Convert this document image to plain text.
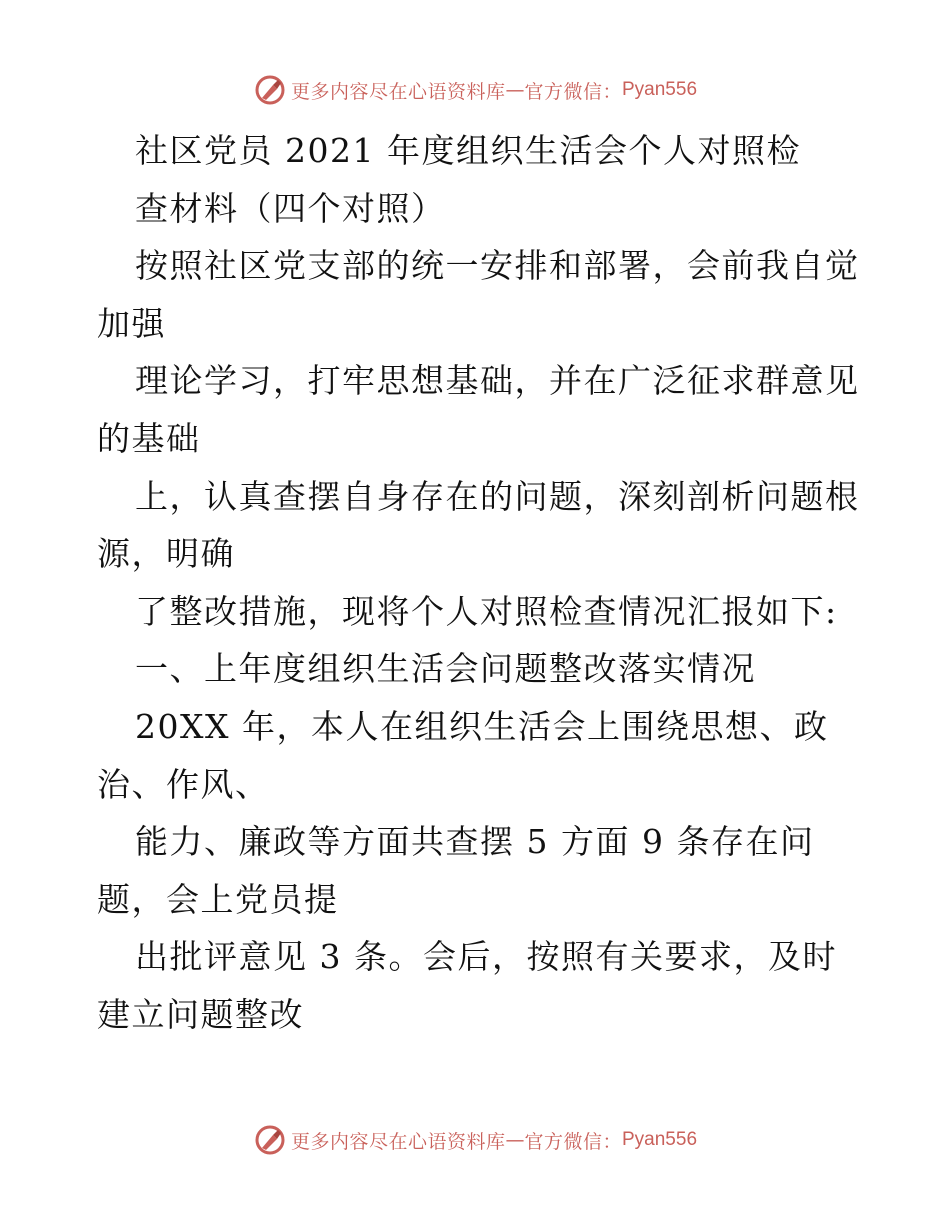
更多内容尽在心语资料库 — 官方微信： Pyan556
社区党员 2021 年度组织生活会个人对照检
查材料（四个对照）
按照社区党支部的统一安排和部署，会前我自觉
加强
理论学习，打牢思想基础，并在广泛征求群意见
的基础
上，认真查摆自身存在的问题，深刻剖析问题根
源，明确
了整改措施，现将个人对照检查情况汇报如下:
一、上年度组织生活会问题整改落实情况
20XX 年，本人在组织生活会上围绕思想、政
治、作风、
能力、廉政等方面共查摆 5 方面 9 条存在问
题，会上党员提
出批评意见 3 条。会后，按照有关要求，及时
建立问题整改
更多内容尽在心语资料库 — 官方微信： Pyan556
